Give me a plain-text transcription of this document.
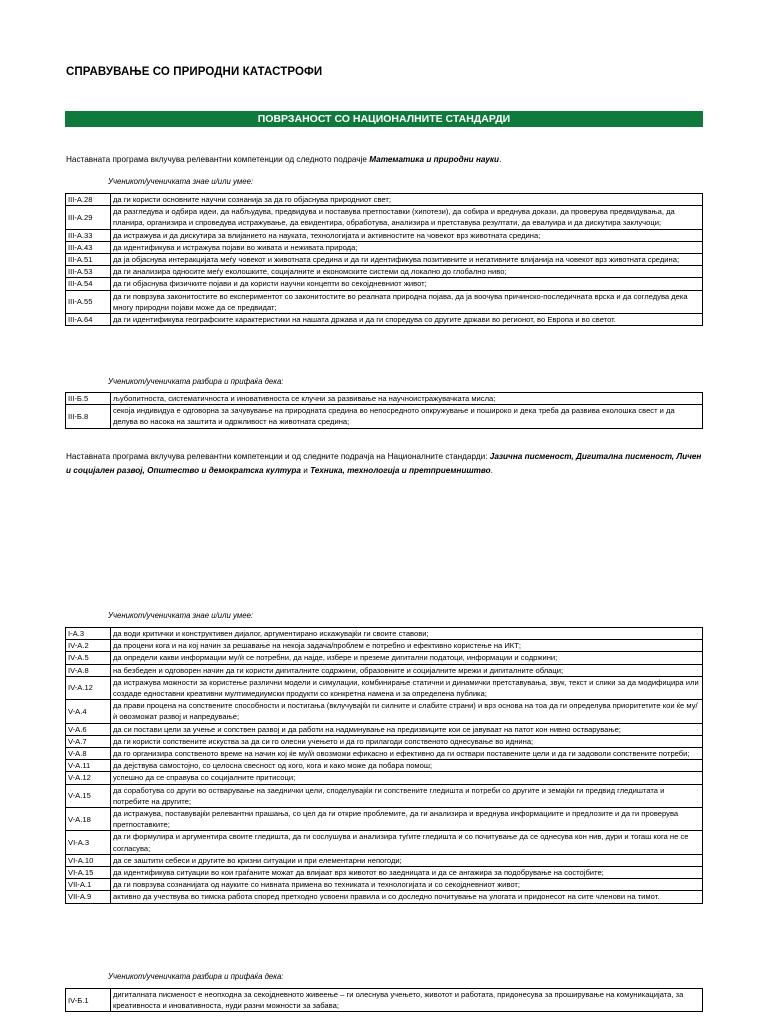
СПРАВУВАЊЕ СО ПРИРОДНИ КАТАСТРОФИ
ПОВРЗАНОСТ СО НАЦИОНАЛНИТЕ СТАНДАРДИ
Наставната програма вклучува релевантни компетенции од следното подрачје Математика и природни науки.
Ученикот/ученичката знае и/или умее:
III-А.28	да ги користи основните научни сознанија за да го објаснува природниот свет;
III-А.29	да разгледува и одбира идеи, да набљудува, предвидува и поставува претпоставки (хипотези), да собира и вреднува докази, да проверува предвидувања, да планира, организира и спроведува истражување, да евидентира, обработува, анализира и претставува резултати, да евалуира и да дискутира заклучоци;
III-А.33	да истражува и да дискутира за влијанието на науката, технологијата и активностите на човекот врз животната средина;
III-А.43	да идентификува и истражува појави во живата и неживата природа;
III-А.51	да ја објаснува интеракцијата меѓу човекот и животната средина и да ги идентификува позитивните и негативните влијанија на човекот врз животната средина;
III-А.53	да ги анализира односите меѓу еколошките, социјалните и економските системи од локално до глобално ниво;
III-А.54	да ги објаснува физичките појави и да користи научни концепти во секојдневниот живот;
III-А.55	да ги поврзува законитостите во експериментот со законитостите во реалната природна појава, да ја воочува причинско-последичната врска и да согледува дека многу природни појави може да се предвидат;
III-А.64	да ги идентификува географските карактеристики на нашата држава и да ги споредува со другите држави во регионот, во Европа и во светот.
Ученикот/ученичката разбира и прифаќа дека:
III-Б.5	љубопитноста, систематичноста и иновативноста се клучни за развивање на научноистражувачката мисла;
III-Б.8	секоја индивидуа е одговорна за зачувување на природната средина во непосредното опкружување и пошироко и дека треба да развива еколошка свест и да делува во насока на заштита и одржливост на животната средина;
Наставната програма вклучува релевантни компетенции и од следните подрачја на Националните стандарди: Јазична писменост, Дигитална писменост, Личен и социјален развој, Општество и демократска култура и Техника, технологија и претприемништво.
Ученикот/ученичката знае и/или умее:
I-А.3	да води критички и конструктивен дијалог, аргументирано искажувајќи ги своите ставови;
IV-А.2	да процени кога и на кој начин за решавање на некоја задача/проблем е потребно и ефективно користење на ИКТ;
IV-А.5	да определи какви информации му/ѝ се потребни, да најде, избере и преземе дигитални податоци, информации и содржини;
IV-А.8	на безбеден и одговорен начин да ги користи дигиталните содржини, образовните и социјалните мрежи и дигиталните облаци;
IV-А.12	да истражува можности за користење различни модели и симулации, комбинирање статични и динамички претставувања, звук, текст и слики за да модифицира или создаде едноставни креативни мултимедиумски продукти со конкретна намена и за определена публика;
V-А.4	да прави процена на сопствените способности и постигања (вклучувајќи ги силните и слабите страни) и врз основа на тоа да ги определува приоритетите кои ќе му/ѝ овозможат развој и напредување;
V-А.6	да си постави цели за учење и сопствен развој и да работи на надминување на предизвиците кои се јавуваат на патот кон нивно остварување;
V-А.7	да ги користи сопствените искуства за да си го олесни учењето и да го прилагоди сопственото однесување во иднина;
V-А.8	да го организира сопственото време на начин кој ќе му/ѝ овозможи ефикасно и ефективно да ги оствари поставените цели и да ги задоволи сопствените потреби;
V-А.11	да дејствува самостојно, со целосна свесност од кого, кога и како може да побара помош;
V-А.12	успешно да се справува со социјалните притисоци;
V-А.15	да соработува со други во остварување на заеднички цели, споделувајќи ги сопствените гледишта и потреби со другите и земајќи ги предвид гледиштата и потребите на другите;
V-А.18	да истражува, поставувајќи релевантни прашања, со цел да ги открие проблемите, да ги анализира и вреднува информациите и предлозите и да ги проверува претпоставките;
VI-А.3	да ги формулира и аргументира своите гледишта, да ги сослушува и анализира туѓите гледишта и со почитување да се однесува кон нив, дури и тогаш кога не се согласува;
VI-А.10	да се заштити себеси и другите во кризни ситуации и при елементарни непогоди;
VI-А.15	да идентификува ситуации во кои граѓаните можат да влијаат врз животот во заедницата и да се ангажира за подобрување на состојбите;
VII-А.1	да ги поврзува сознанијата од науките со нивната примена во техниката и технологијата и со секојдневниот живот;
VII-А.9	активно да учествува во тимска работа според претходно усвоени правила и со доследно почитување на улогата и придонесот на сите членови на тимот.
Ученикот/ученичката разбира и прифаќа дека:
IV-Б.1	дигиталната писменост е неопходна за секојдневното живеење – ги олеснува учењето, животот и работата, придонесува за проширување на комуникацијата, за креативноста и иновативноста, нуди разни можности за забава;
